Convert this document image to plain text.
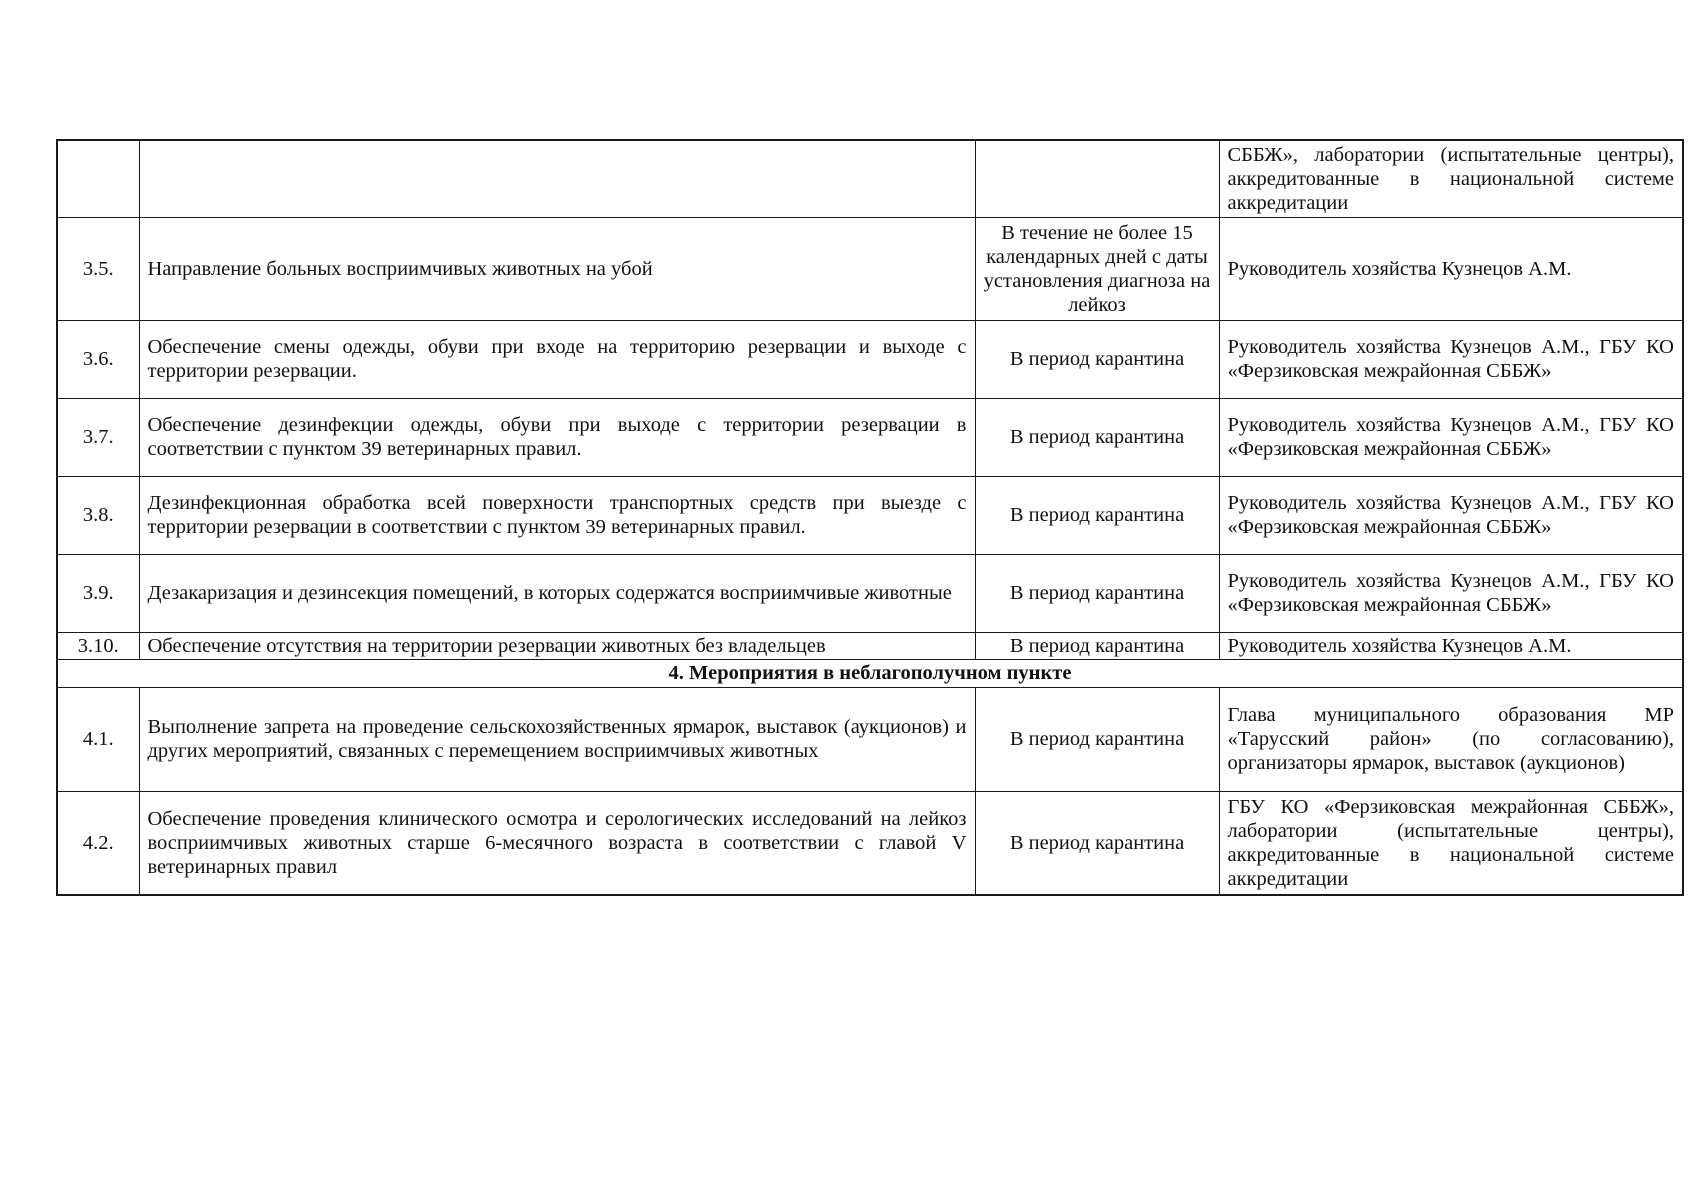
			СББЖ», лаборатории (испытательные центры), аккредитованные в национальной системе аккредитации
3.5.	Направление больных восприимчивых животных на убой	В течение не более 15 календарных дней с даты установления диагноза на лейкоз	Руководитель хозяйства Кузнецов А.М.
3.6.	Обеспечение смены одежды, обуви при входе на территорию резервации и выходе с территории резервации.	В период карантина	Руководитель хозяйства Кузнецов А.М., ГБУ КО «Ферзиковская межрайонная СББЖ»
3.7.	Обеспечение дезинфекции одежды, обуви при выходе с территории резервации в соответствии с пунктом 39 ветеринарных правил.	В период карантина	Руководитель хозяйства Кузнецов А.М., ГБУ КО «Ферзиковская межрайонная СББЖ»
3.8.	Дезинфекционная обработка всей поверхности транспортных средств при выезде с территории резервации в соответствии с пунктом 39 ветеринарных правил.	В период карантина	Руководитель хозяйства Кузнецов А.М., ГБУ КО «Ферзиковская межрайонная СББЖ»
3.9.	Дезакаризация и дезинсекция помещений, в которых содержатся восприимчивые животные	В период карантина	Руководитель хозяйства Кузнецов А.М., ГБУ КО «Ферзиковская межрайонная СББЖ»
3.10.	Обеспечение отсутствия на территории резервации животных без владельцев	В период карантина	Руководитель хозяйства Кузнецов А.М.
4. Мероприятия в неблагополучном пункте			
4.1.	Выполнение запрета на проведение сельскохозяйственных ярмарок, выставок (аукционов) и других мероприятий, связанных с перемещением восприимчивых животных	В период карантина	Глава муниципального образования МР «Тарусский район» (по согласованию), организаторы ярмарок, выставок (аукционов)
4.2.	Обеспечение проведения клинического осмотра и серологических исследований на лейкоз восприимчивых животных старше 6-месячного возраста в соответствии с главой V ветеринарных правил	В период карантина	ГБУ КО «Ферзиковская межрайонная СББЖ», лаборатории (испытательные центры), аккредитованные в национальной системе аккредитации
